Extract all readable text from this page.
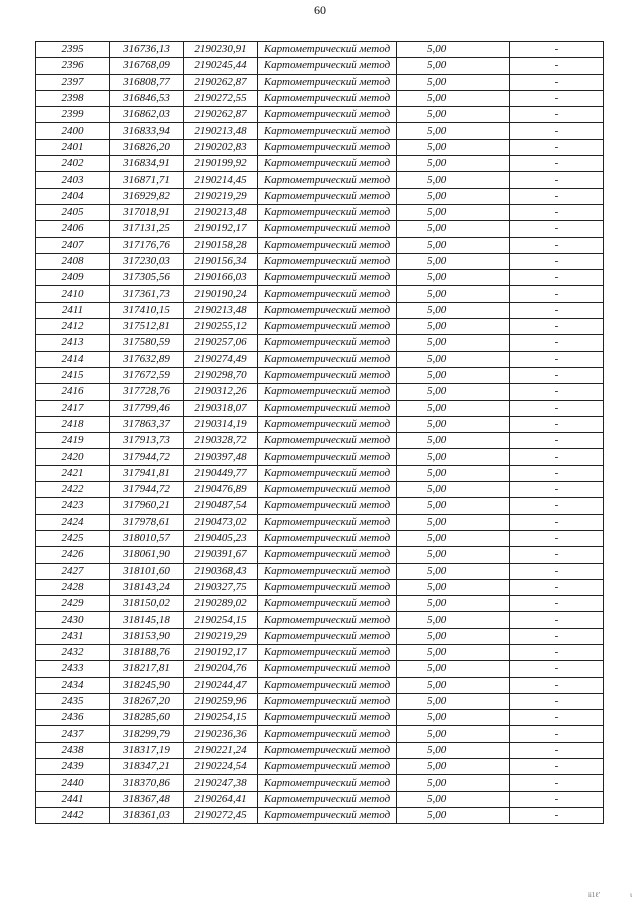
60
2395	316736,13	2190230,91	Картометрический метод	5,00	-
2396	316768,09	2190245,44	Картометрический метод	5,00	-
2397	316808,77	2190262,87	Картометрический метод	5,00	-
2398	316846,53	2190272,55	Картометрический метод	5,00	-
2399	316862,03	2190262,87	Картометрический метод	5,00	-
2400	316833,94	2190213,48	Картометрический метод	5,00	-
2401	316826,20	2190202,83	Картометрический метод	5,00	-
2402	316834,91	2190199,92	Картометрический метод	5,00	-
2403	316871,71	2190214,45	Картометрический метод	5,00	-
2404	316929,82	2190219,29	Картометрический метод	5,00	-
2405	317018,91	2190213,48	Картометрический метод	5,00	-
2406	317131,25	2190192,17	Картометрический метод	5,00	-
2407	317176,76	2190158,28	Картометрический метод	5,00	-
2408	317230,03	2190156,34	Картометрический метод	5,00	-
2409	317305,56	2190166,03	Картометрический метод	5,00	-
2410	317361,73	2190190,24	Картометрический метод	5,00	-
2411	317410,15	2190213,48	Картометрический метод	5,00	-
2412	317512,81	2190255,12	Картометрический метод	5,00	-
2413	317580,59	2190257,06	Картометрический метод	5,00	-
2414	317632,89	2190274,49	Картометрический метод	5,00	-
2415	317672,59	2190298,70	Картометрический метод	5,00	-
2416	317728,76	2190312,26	Картометрический метод	5,00	-
2417	317799,46	2190318,07	Картометрический метод	5,00	-
2418	317863,37	2190314,19	Картометрический метод	5,00	-
2419	317913,73	2190328,72	Картометрический метод	5,00	-
2420	317944,72	2190397,48	Картометрический метод	5,00	-
2421	317941,81	2190449,77	Картометрический метод	5,00	-
2422	317944,72	2190476,89	Картометрический метод	5,00	-
2423	317960,21	2190487,54	Картометрический метод	5,00	-
2424	317978,61	2190473,02	Картометрический метод	5,00	-
2425	318010,57	2190405,23	Картометрический метод	5,00	-
2426	318061,90	2190391,67	Картометрический метод	5,00	-
2427	318101,60	2190368,43	Картометрический метод	5,00	-
2428	318143,24	2190327,75	Картометрический метод	5,00	-
2429	318150,02	2190289,02	Картометрический метод	5,00	-
2430	318145,18	2190254,15	Картометрический метод	5,00	-
2431	318153,90	2190219,29	Картометрический метод	5,00	-
2432	318188,76	2190192,17	Картометрический метод	5,00	-
2433	318217,81	2190204,76	Картометрический метод	5,00	-
2434	318245,90	2190244,47	Картометрический метод	5,00	-
2435	318267,20	2190259,96	Картометрический метод	5,00	-
2436	318285,60	2190254,15	Картометрический метод	5,00	-
2437	318299,79	2190236,36	Картометрический метод	5,00	-
2438	318317,19	2190221,24	Картометрический метод	5,00	-
2439	318347,21	2190224,54	Картометрический метод	5,00	-
2440	318370,86	2190247,38	Картометрический метод	5,00	-
2441	318367,48	2190264,41	Картометрический метод	5,00	-
2442	318361,03	2190272,45	Картометрический метод	5,00	-
ii1ℓ'	ι
